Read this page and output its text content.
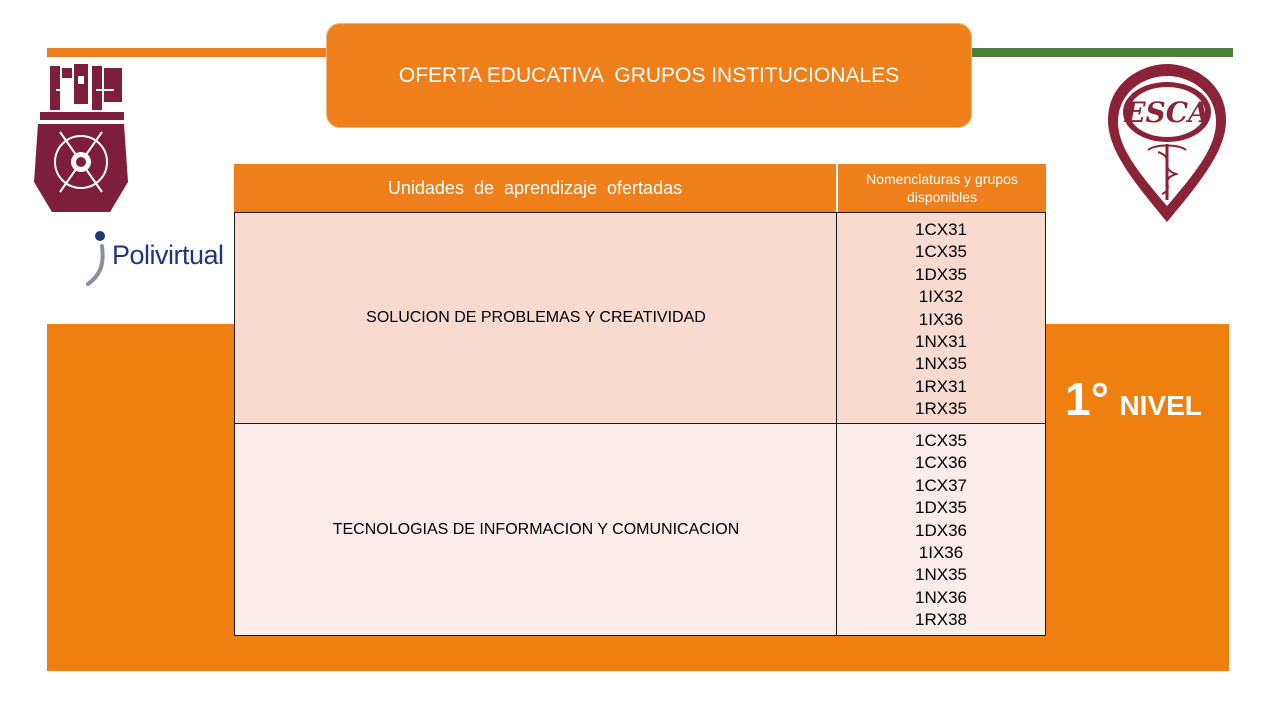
OFERTA EDUCATIVA  GRUPOS INSTITUCIONALES
Polivirtual
ESCA
Unidades  de  aprendizaje  ofertadas	Nomenclaturas y grupos disponibles
SOLUCION DE PROBLEMAS Y CREATIVIDAD
1CX31
1CX35
1DX35
1IX32
1IX36
1NX31
1NX35
1RX31
1RX35
TECNOLOGIAS DE INFORMACION Y COMUNICACION
1CX35
1CX36
1CX37
1DX35
1DX36
1IX36
1NX35
1NX36
1RX38
1° NIVEL
